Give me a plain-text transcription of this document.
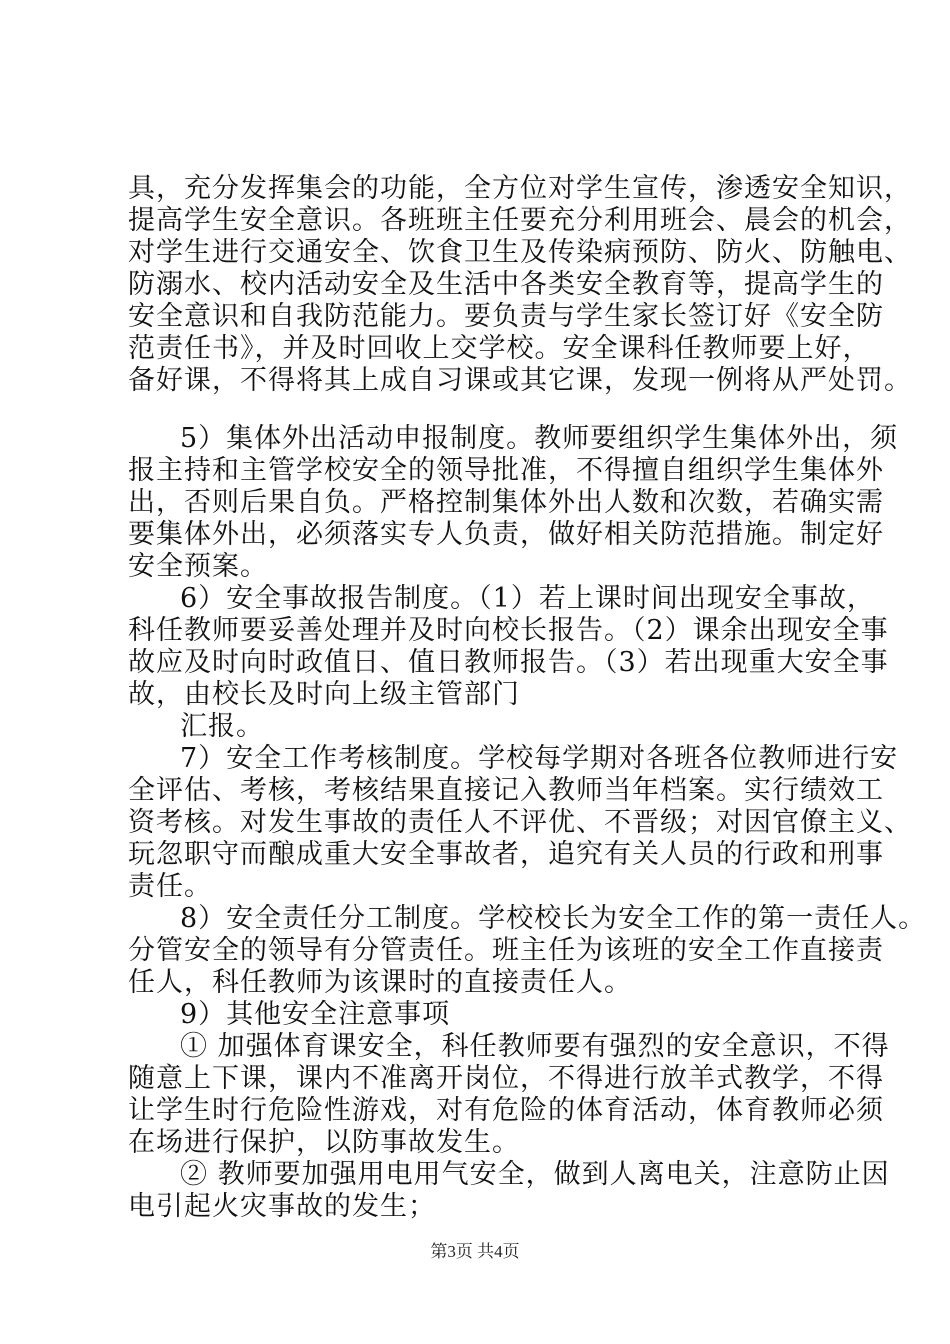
具，充分发挥集会的功能，全方位对学生宣传，渗透安全知识，
提高学生安全意识。各班班主任要充分利用班会、晨会的机会，
对学生进行交通安全、饮食卫生及传染病预防、防火、防触电、
防溺水、校内活动安全及生活中各类安全教育等，提高学生的
安全意识和自我防范能力。要负责与学生家长签订好《安全防
范责任书》，并及时回收上交学校。安全课科任教师要上好，
备好课，不得将其上成自习课或其它课，发现一例将从严处罚。
5）集体外出活动申报制度。教师要组织学生集体外出，须
报主持和主管学校安全的领导批准，不得擅自组织学生集体外
出，否则后果自负。严格控制集体外出人数和次数，若确实需
要集体外出，必须落实专人负责，做好相关防范措施。制定好
安全预案。
6）安全事故报告制度。（1）若上课时间出现安全事故，
科任教师要妥善处理并及时向校长报告。（2）课余出现安全事
故应及时向时政值日、值日教师报告。（3）若出现重大安全事
故，由校长及时向上级主管部门
汇报。
7）安全工作考核制度。学校每学期对各班各位教师进行安
全评估、考核，考核结果直接记入教师当年档案。实行绩效工
资考核。对发生事故的责任人不评优、不晋级；对因官僚主义、
玩忽职守而酿成重大安全事故者，追究有关人员的行政和刑事
责任。
8）安全责任分工制度。学校校长为安全工作的第一责任人。
分管安全的领导有分管责任。班主任为该班的安全工作直接责
任人，科任教师为该课时的直接责任人。
9）其他安全注意事项
① 加强体育课安全，科任教师要有强烈的安全意识，不得
随意上下课，课内不准离开岗位，不得进行放羊式教学，不得
让学生时行危险性游戏，对有危险的体育活动，体育教师必须
在场进行保护，以防事故发生。
② 教师要加强用电用气安全，做到人离电关，注意防止因
电引起火灾事故的发生；
第3页 共4页
